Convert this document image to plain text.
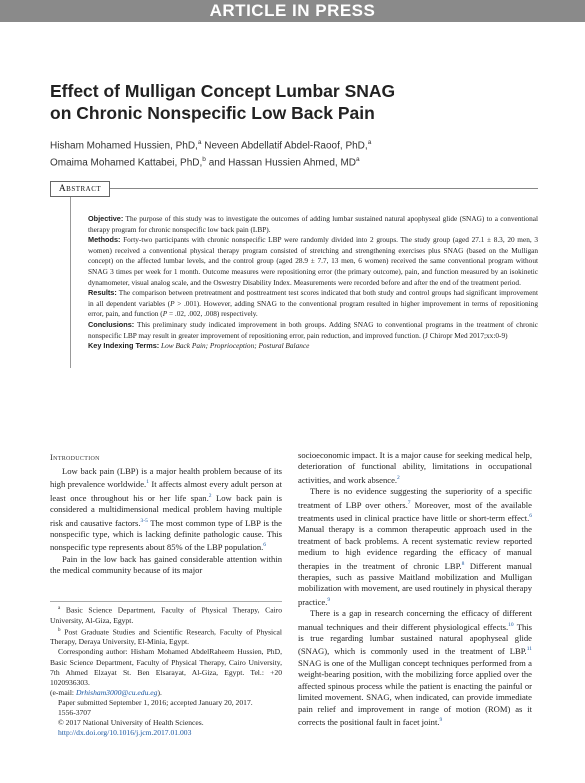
ARTICLE IN PRESS
Effect of Mulligan Concept Lumbar SNAG
on Chronic Nonspecific Low Back Pain
Hisham Mohamed Hussien, PhD,$^a$ Neveen Abdellatif Abdel-Raoof, PhD,$^a$
Omaima Mohamed Kattabei, PhD,$^b$ and Hassan Hussien Ahmed, $MD^a$
Abstract

Objective: The purpose of this study was to investigate the outcomes of adding lumbar sustained natural apophyseal glide (SNAG) to a conventional therapy program for chronic nonspecific low back pain (LBP).

Methods: Forty-two participants with chronic nonspecific LBP were randomly divided into 2 groups. The study group (aged 27.1 ± 8.3, 20 men, 3 women) received a conventional physical therapy program consisted of stretching and strengthening exercises plus SNAG (based on the Mulligan concept) on the affected lumbar levels, and the control group (aged 28.9 ± 7.7, 13 men, 6 women) received the same conventional program without SNAG 3 times per week for 1 month. Outcome measures were repositioning error (the primary outcome), pain, and function measured by an isokinetic dynamometer, visual analog scale, and the Oswestry Disability Index. Measurements were recorded before and after the end of the treatment period.

Results: The comparison between pretreatment and posttreatment test scores indicated that both study and control groups had significant improvement in all dependent variables (P > .001). However, adding SNAG to the conventional program resulted in higher improvement in terms of repositioning error, pain, and function (P = .02, .002, .008) respectively.

Conclusions: This preliminary study indicated improvement in both groups. Adding SNAG to conventional programs in the treatment of chronic nonspecific LBP may result in greater improvement of repositioning error, pain reduction, and improved function. (J Chiropr Med 2017;xx:0-9)

Key Indexing Terms: Low Back Pain; Proprioception; Postural Balance

Introduction

Low back pain (LBP) is a major health problem because of its high prevalence worldwide.$^1$ It affects almost every adult person at least once throughout his or her life span.$^2$ Low back pain is considered a multidimensional medical problem having multiple risk and causative factors.$^{3-5}$ The most common type of LBP is the nonspecific type, which is lacking definite pathologic cause. This nonspecific type represents about 85% of the LBP population.$^6$

Pain in the low back has gained considerable attention within the medical community because of its major

$^a$ Basic Science Department, Faculty of Physical Therapy, Cairo University, Al-Giza, Egypt.

$^b$ Post Graduate Studies and Scientific Research, Faculty of Physical Therapy, Deraya University, El-Minia, Egypt.

Corresponding author: Hisham Mohamed AbdelRaheem Hussien, PhD, Basic Science Department, Faculty of Physical Therapy, Cairo University, 7th Ahmed Elzayat St. Ben Elsarayat, Al-Giza, Egypt. Tel.: +20 1020936303.

(e-mail: Drhisham3000@cu.edu.eg).

Paper submitted September 1, 2016; accepted January 20, 2017.

1556-3707

© 2017 National University of Health Sciences.

http://dx.doi.org/10.1016/j.jcm.2017.01.003

socioeconomic impact. It is a major cause for seeking medical help, deterioration of functional ability, limitations in occupational activities, and work absence.$^2$

There is no evidence suggesting the superiority of a specific treatment of LBP over others.$^7$ Moreover, most of the available treatments used in clinical practice have little or short-term effect.$^6$ Manual therapy is a common therapeutic approach used in the treatment of back problems. A recent systematic review reported medium to high evidence regarding the efficacy of manual therapies in the treatment of chronic LBP.$^8$ Different manual therapies, such as passive Maitland mobilization and Mulligan mobilization with movement, are used routinely in physical therapy practice.$^9$

There is a gap in research concerning the efficacy of different manual techniques and their different physiological effects.$^{10}$ This is true regarding lumbar sustained natural apophyseal glide (SNAG), which is commonly used in the treatment of LBP.$^{11}$ SNAG is one of the Mulligan concept techniques performed from a weight-bearing position, with the mobilizing force applied over the affected spinous process while the patient is enacting the painful or limited movement. SNAG, when indicated, can provide immediate pain relief and improvement in range of motion (ROM) as it corrects the positional fault in facet joint.$^9$
